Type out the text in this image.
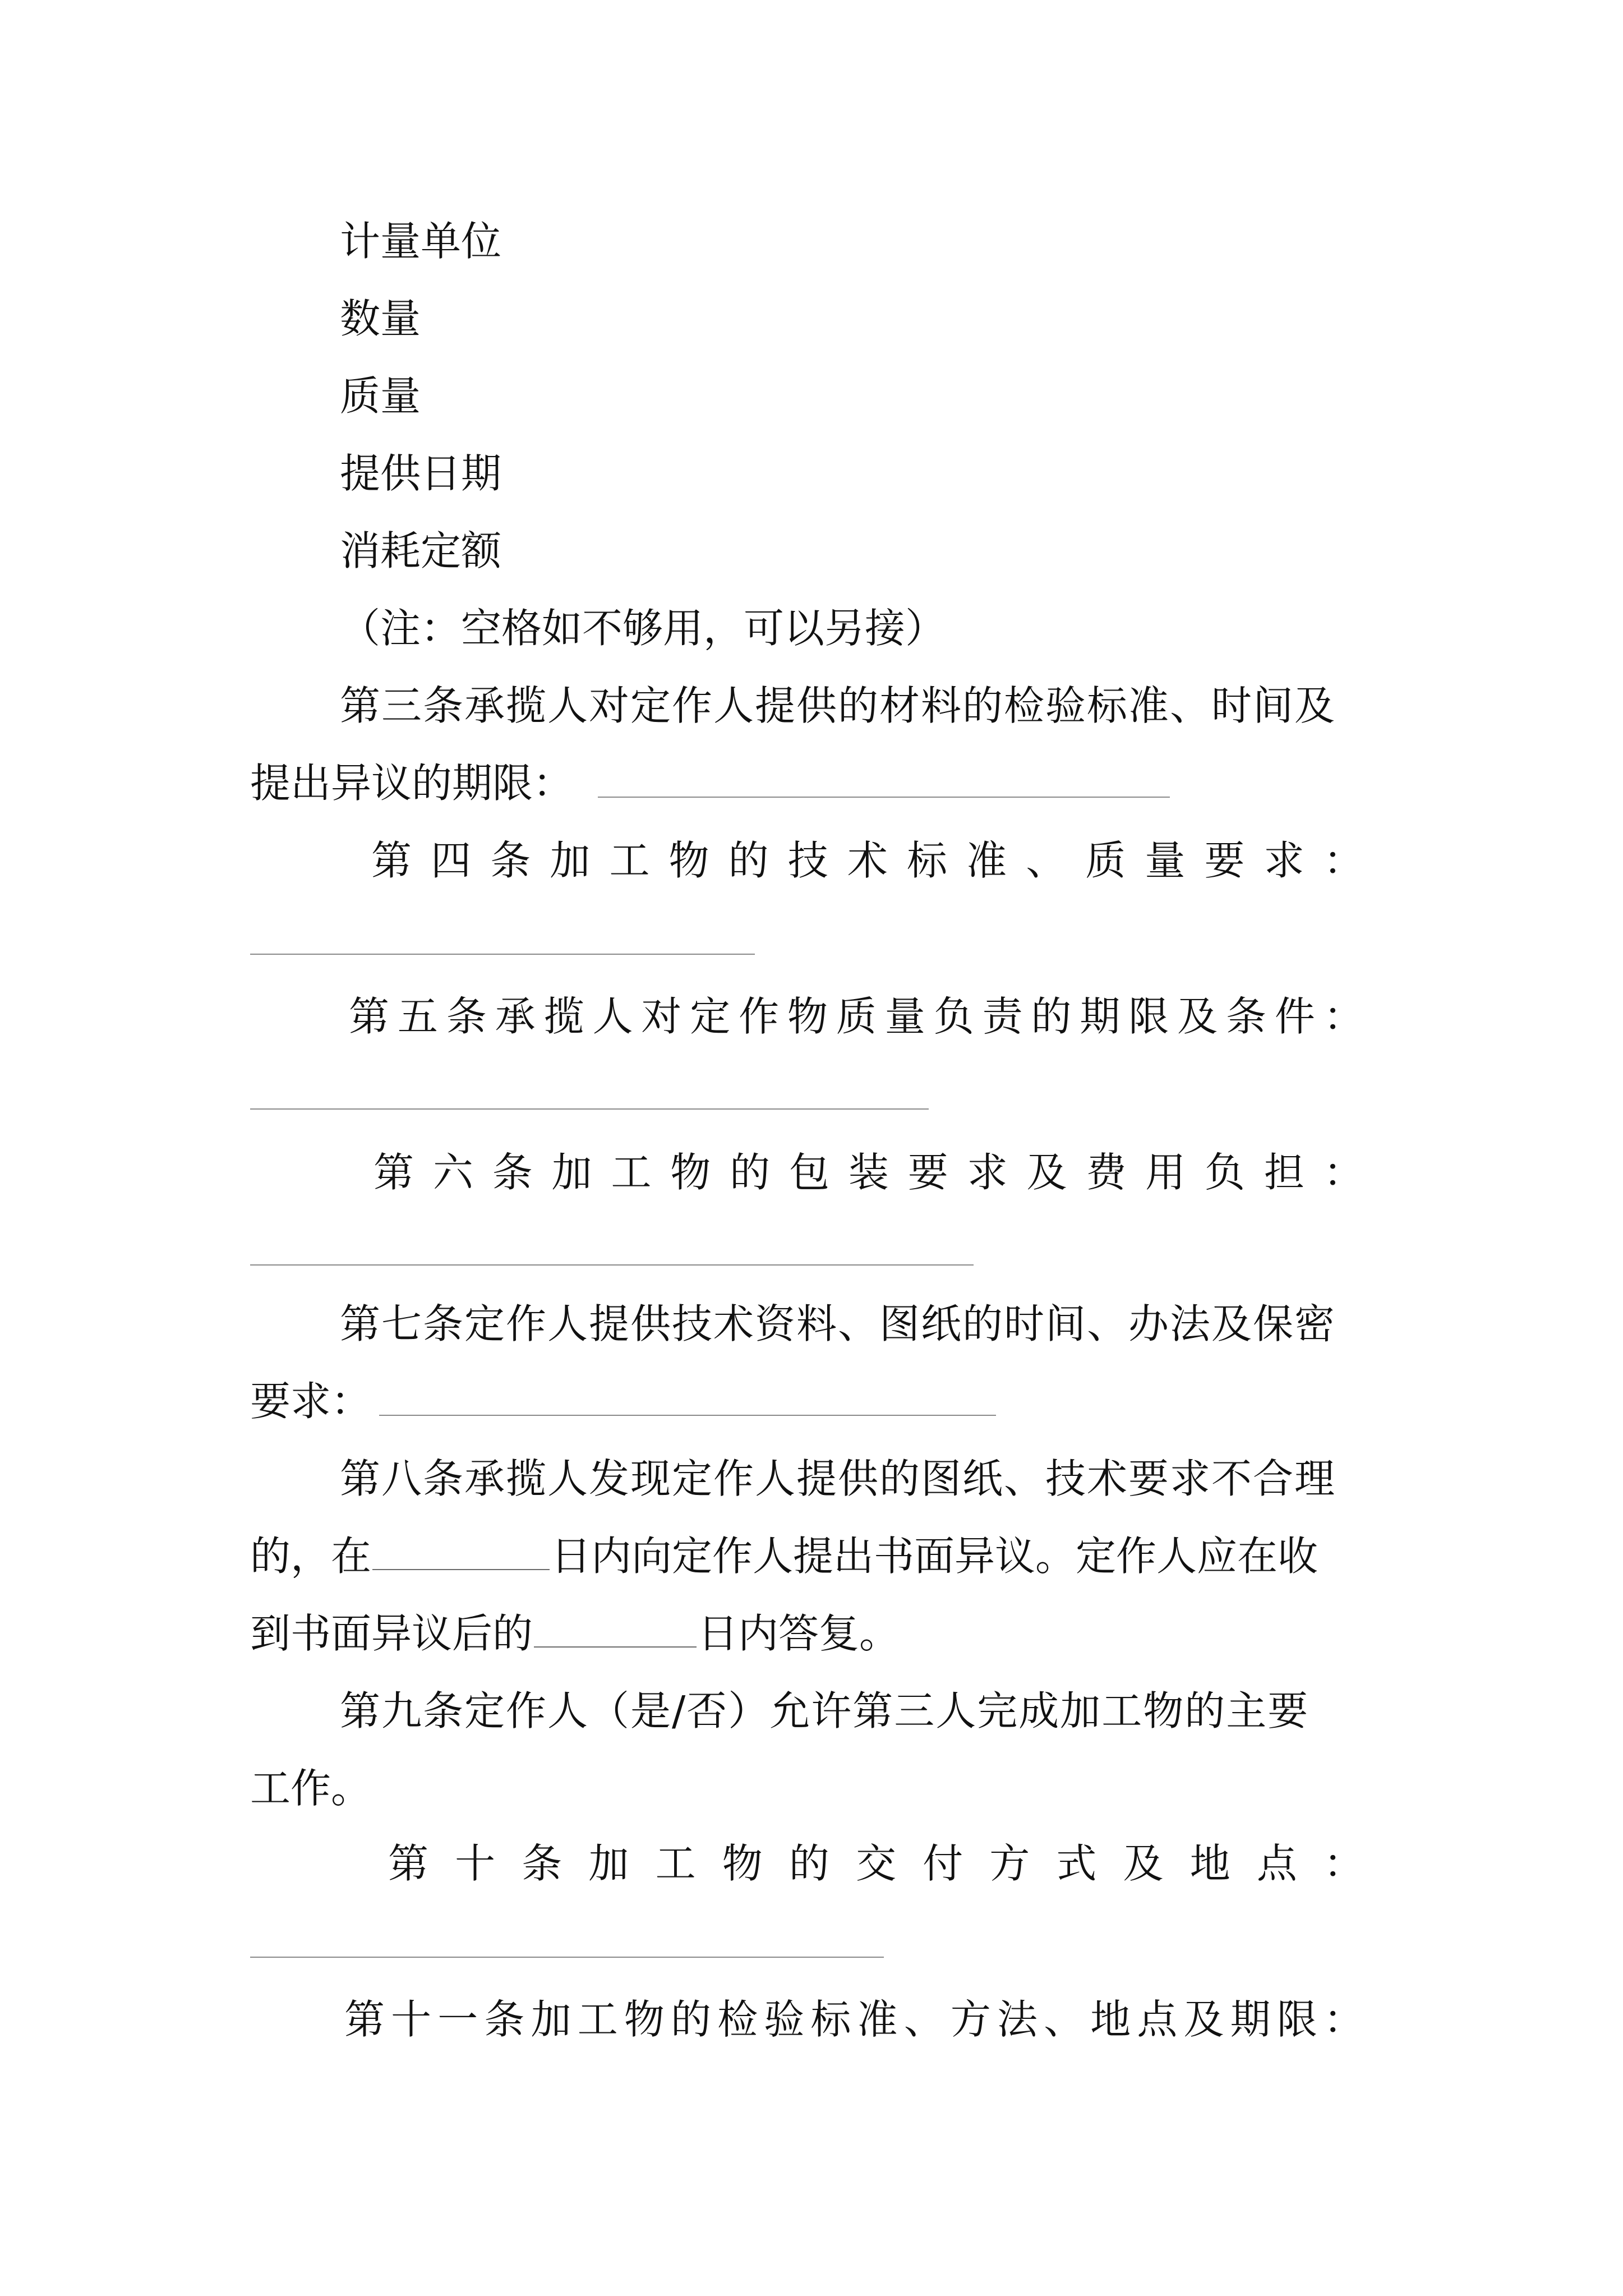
计量单位
数量
质量
提供日期
消耗定额
（注：空格如不够用，可以另接）
第三条承揽人对定作人提供的材料的检验标准、时间及
提出异议的期限：
第 四 条 加 工 物 的 技 术 标 准 、 质 量 要 求 ：
第 五 条 承 揽 人 对 定 作 物 质 量 负 责 的 期 限 及 条 件 ：
第 六 条 加 工 物 的 包 装 要 求 及 费 用 负 担 ：
第七条定作人提供技术资料、图纸的时间、办法及保密
要求：
第八条承揽人发现定作人提供的图纸、技术要求不合理
的，在	日内向定作人提出书面异议。定作人应在收
到书面异议后的	日内答复。
第九条定作人（是/否）允许第三人完成加工物的主要
工作。
第 十 条 加 工 物 的 交 付 方 式 及 地 点 ：
第 十 一 条 加 工 物 的 检 验 标 准 、 方 法 、 地 点 及 期 限 ：
